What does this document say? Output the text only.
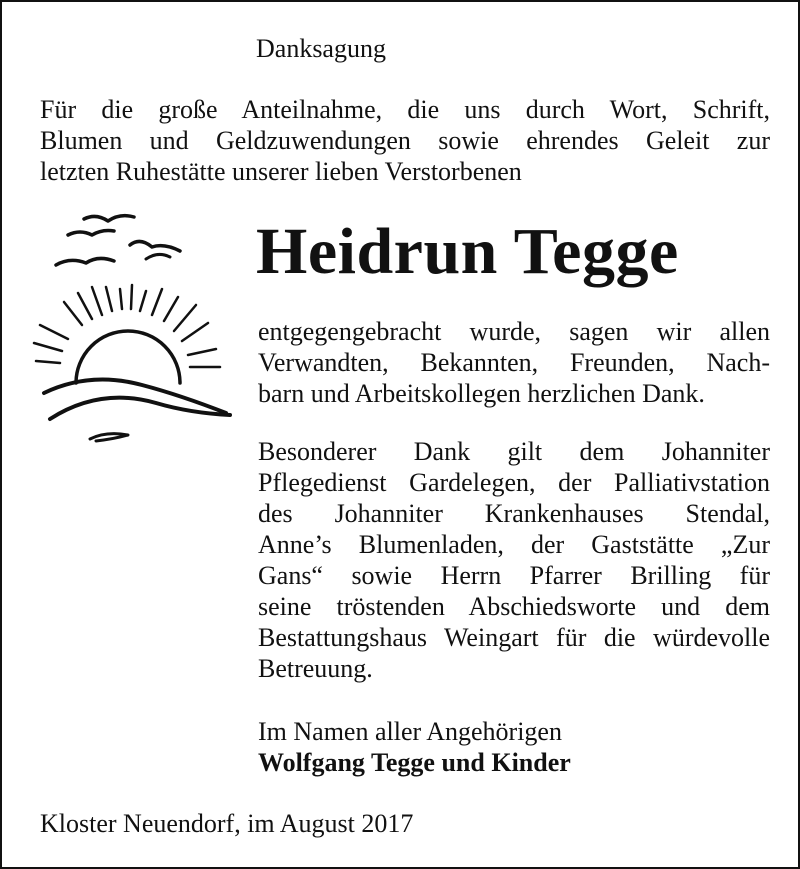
Danksagung
Für die große Anteilnahme, die uns durch Wort, Schrift,
Blumen und Geldzuwendungen sowie ehrendes Geleit zur
letzten Ruhestätte unserer lieben Verstorbenen
Heidrun Tegge
entgegengebracht wurde, sagen wir allen
Verwandten, Bekannten, Freunden, Nach-
barn und Arbeitskollegen herzlichen Dank.
Besonderer Dank gilt dem Johanniter
Pflegedienst Gardelegen, der Palliativstation
des Johanniter Krankenhauses Stendal,
Anne’s Blumenladen, der Gaststätte „Zur
Gans“ sowie Herrn Pfarrer Brilling für
seine tröstenden Abschiedsworte und dem
Bestattungshaus Weingart für die würdevolle
Betreuung.
Im Namen aller Angehörigen
Wolfgang Tegge und Kinder
Kloster Neuendorf, im August 2017
